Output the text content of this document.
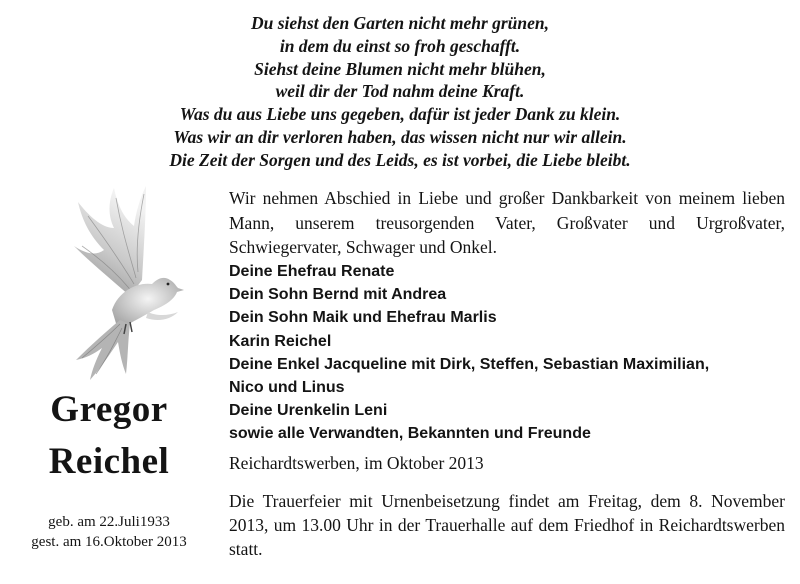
Du siehst den Garten nicht mehr grünen,
in dem du einst so froh geschafft.
Siehst deine Blumen nicht mehr blühen,
weil dir der Tod nahm deine Kraft.
Was du aus Liebe uns gegeben, dafür ist jeder Dank zu klein.
Was wir an dir verloren haben, das wissen nicht nur wir allein.
Die Zeit der Sorgen und des Leids, es ist vorbei, die Liebe bleibt.
Gregor
Reichel
geb. am 22.Juli1933
gest. am 16.Oktober 2013
Wir nehmen Abschied in Liebe und großer Dankbarkeit von meinem lieben Mann, unserem treusorgenden Vater, Großvater und Urgroßvater, Schwiegervater, Schwager und Onkel.
Deine Ehefrau Renate
Dein Sohn Bernd mit Andrea
Dein Sohn Maik und Ehefrau Marlis
Karin Reichel
Deine Enkel Jacqueline mit Dirk, Steffen, Sebastian Maximilian,
Nico und Linus
Deine Urenkelin Leni
sowie alle Verwandten, Bekannten und Freunde
Reichardtswerben, im Oktober 2013
Die Trauerfeier mit Urnenbeisetzung findet am Freitag, dem 8. November 2013, um 13.00 Uhr in der Trauerhalle auf dem Friedhof in Reichardtswerben statt.
